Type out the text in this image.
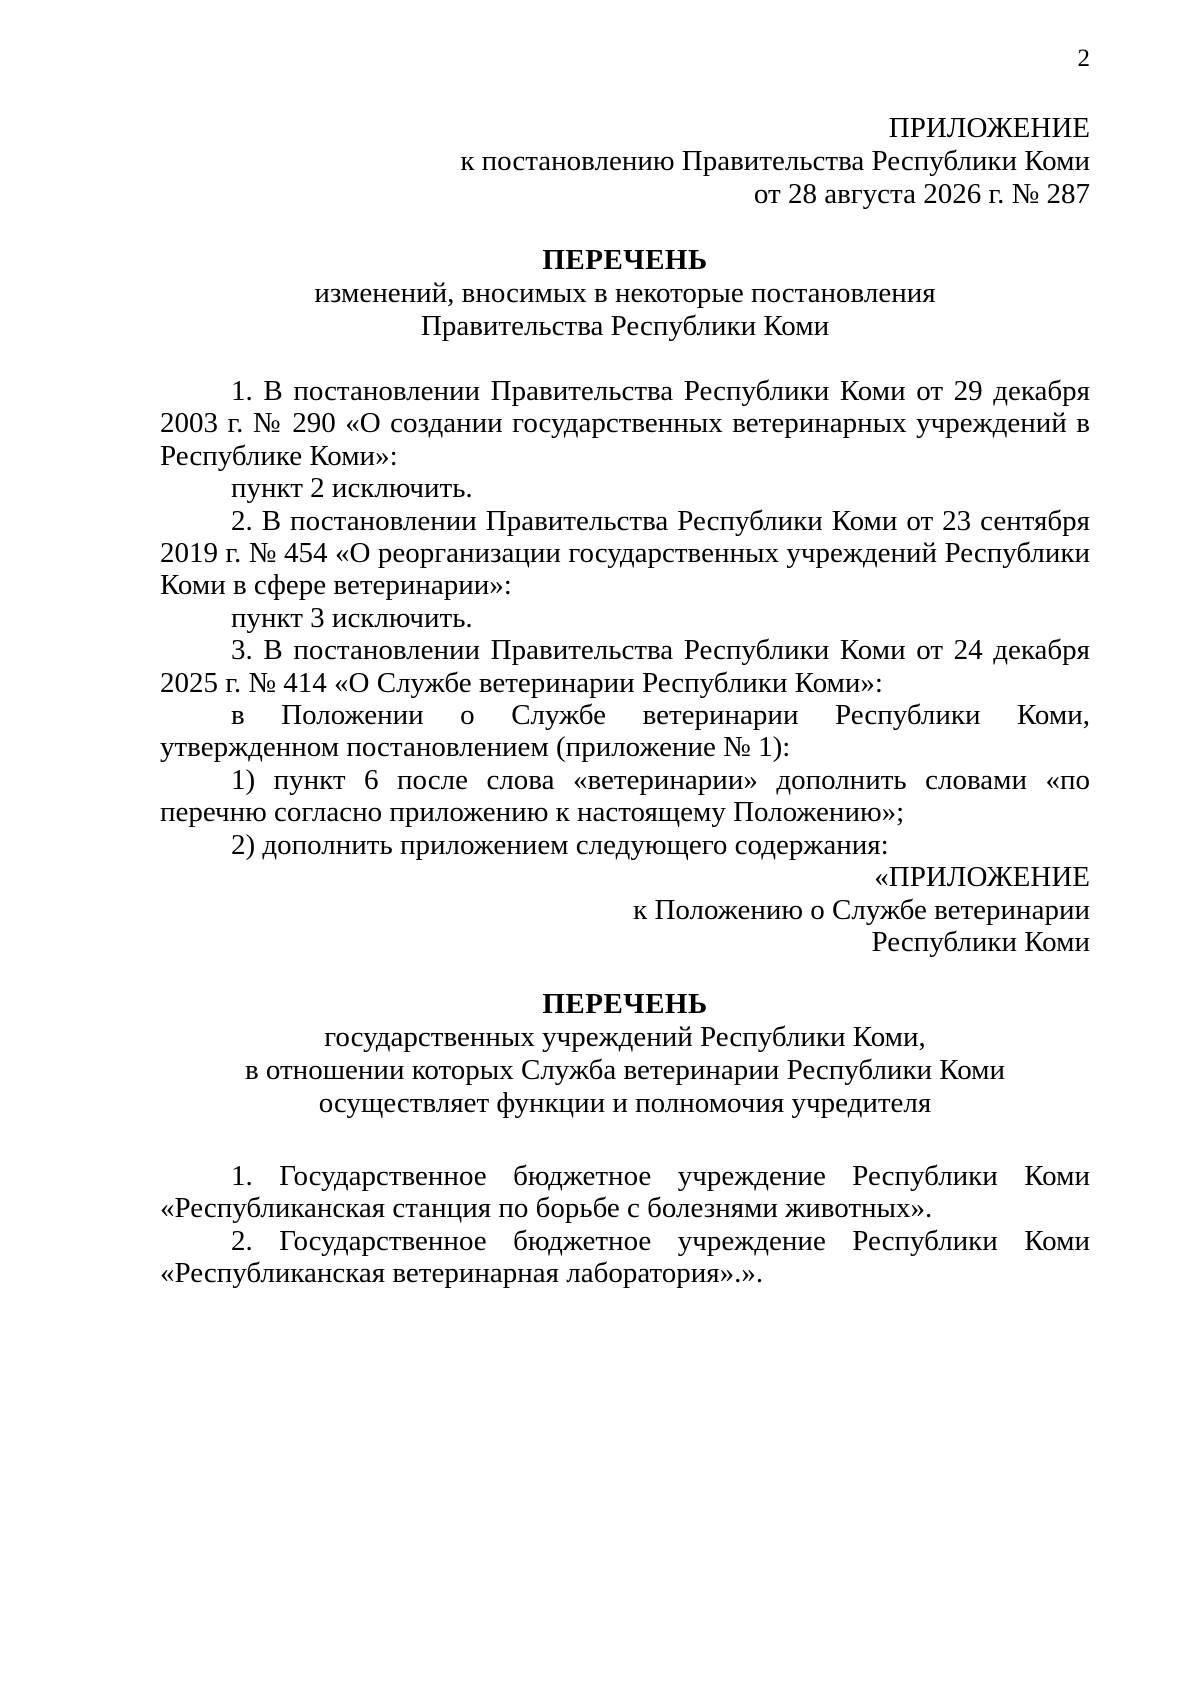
2
ПРИЛОЖЕНИЕ
к постановлению Правительства Республики Коми
от 28 августа 2026 г. № 287
ПЕРЕЧЕНЬ
изменений, вносимых в некоторые постановления
Правительства Республики Коми

1. В постановлении Правительства Республики Коми от 29 декабря 2003 г. № 290 «О создании государственных ветеринарных учреждений в Республике Коми»:

пункт 2 исключить.

2. В постановлении Правительства Республики Коми от 23 сентября 2019 г. № 454 «О реорганизации государственных учреждений Республики Коми в сфере ветеринарии»:

пункт 3 исключить.

3. В постановлении Правительства Республики Коми от 24 декабря 2025 г. № 414 «О Службе ветеринарии Республики Коми»:

в Положении о Службе ветеринарии Республики Коми, утвержденном постановлением (приложение № 1):

1) пункт 6 после слова «ветеринарии» дополнить словами «по перечню согласно приложению к настоящему Положению»;

2) дополнить приложением следующего содержания:

«ПРИЛОЖЕНИЕ
к Положению о Службе ветеринарии
Республики Коми
ПЕРЕЧЕНЬ
государственных учреждений Республики Коми,
в отношении которых Служба ветеринарии Республики Коми
осуществляет функции и полномочия учредителя

1. Государственное бюджетное учреждение Республики Коми «Республиканская станция по борьбе с болезнями животных».

2. Государственное бюджетное учреждение Республики Коми «Республиканская ветеринарная лаборатория».».
